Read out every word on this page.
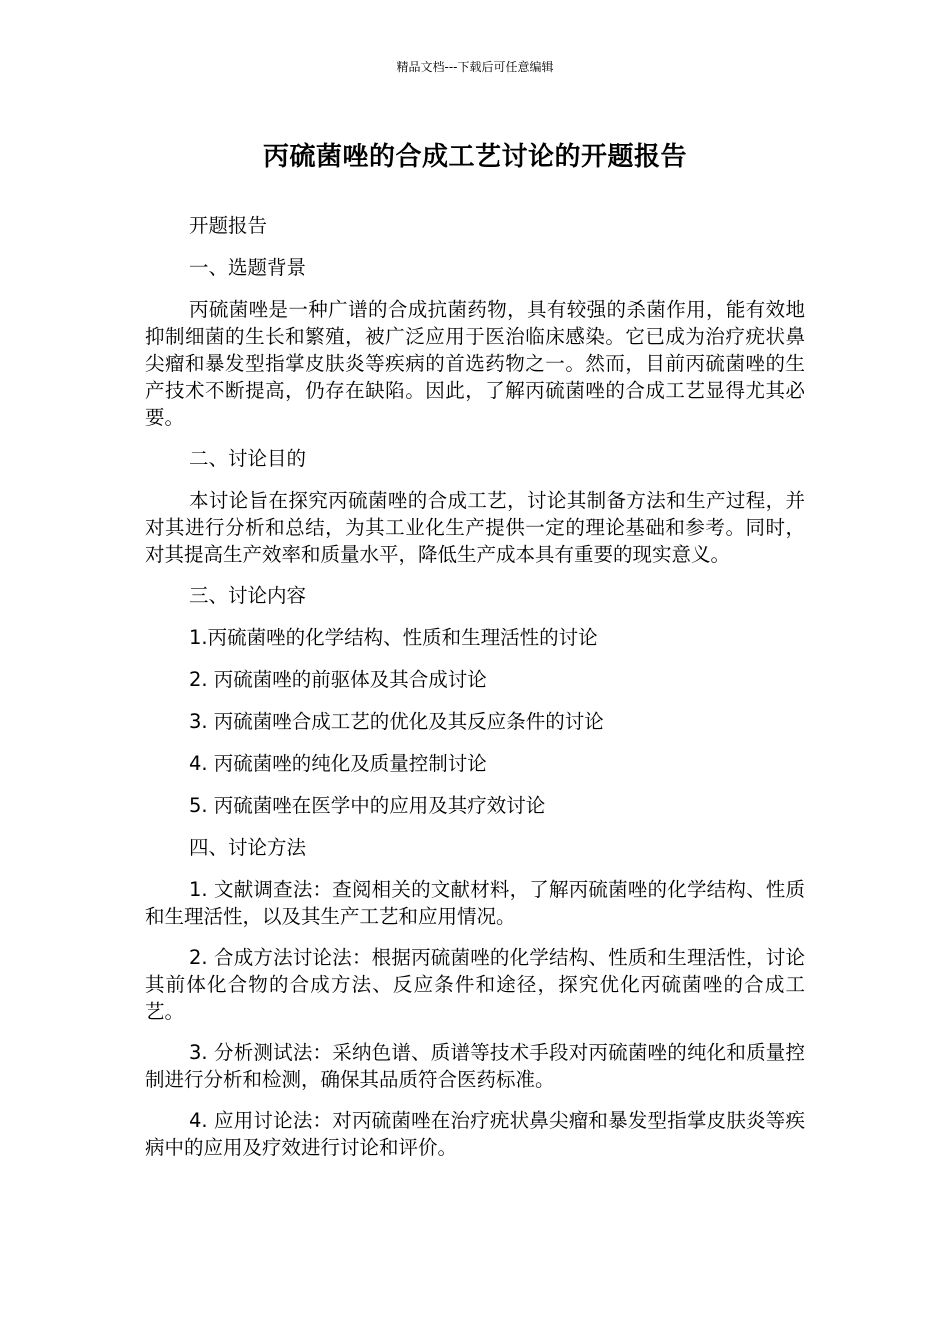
精品文档---下载后可任意编辑
丙硫菌唑的合成工艺讨论的开题报告

开题报告

一、选题背景

丙硫菌唑是一种广谱的合成抗菌药物，具有较强的杀菌作用，能有效地抑制细菌的生长和繁殖，被广泛应用于医治临床感染。它已成为治疗疣状鼻尖瘤和暴发型指掌皮肤炎等疾病的首选药物之一。然而，目前丙硫菌唑的生产技术不断提高，仍存在缺陷。因此，了解丙硫菌唑的合成工艺显得尤其必要。

二、讨论目的

本讨论旨在探究丙硫菌唑的合成工艺，讨论其制备方法和生产过程，并对其进行分析和总结，为其工业化生产提供一定的理论基础和参考。同时，对其提高生产效率和质量水平，降低生产成本具有重要的现实意义。

三、讨论内容

1.丙硫菌唑的化学结构、性质和生理活性的讨论

2. 丙硫菌唑的前驱体及其合成讨论

3. 丙硫菌唑合成工艺的优化及其反应条件的讨论

4. 丙硫菌唑的纯化及质量控制讨论

5. 丙硫菌唑在医学中的应用及其疗效讨论

四、讨论方法

1. 文献调查法：查阅相关的文献材料，了解丙硫菌唑的化学结构、性质和生理活性，以及其生产工艺和应用情况。

2. 合成方法讨论法：根据丙硫菌唑的化学结构、性质和生理活性，讨论其前体化合物的合成方法、反应条件和途径，探究优化丙硫菌唑的合成工艺。

3. 分析测试法：采纳色谱、质谱等技术手段对丙硫菌唑的纯化和质量控制进行分析和检测，确保其品质符合医药标准。

4. 应用讨论法：对丙硫菌唑在治疗疣状鼻尖瘤和暴发型指掌皮肤炎等疾病中的应用及疗效进行讨论和评价。
